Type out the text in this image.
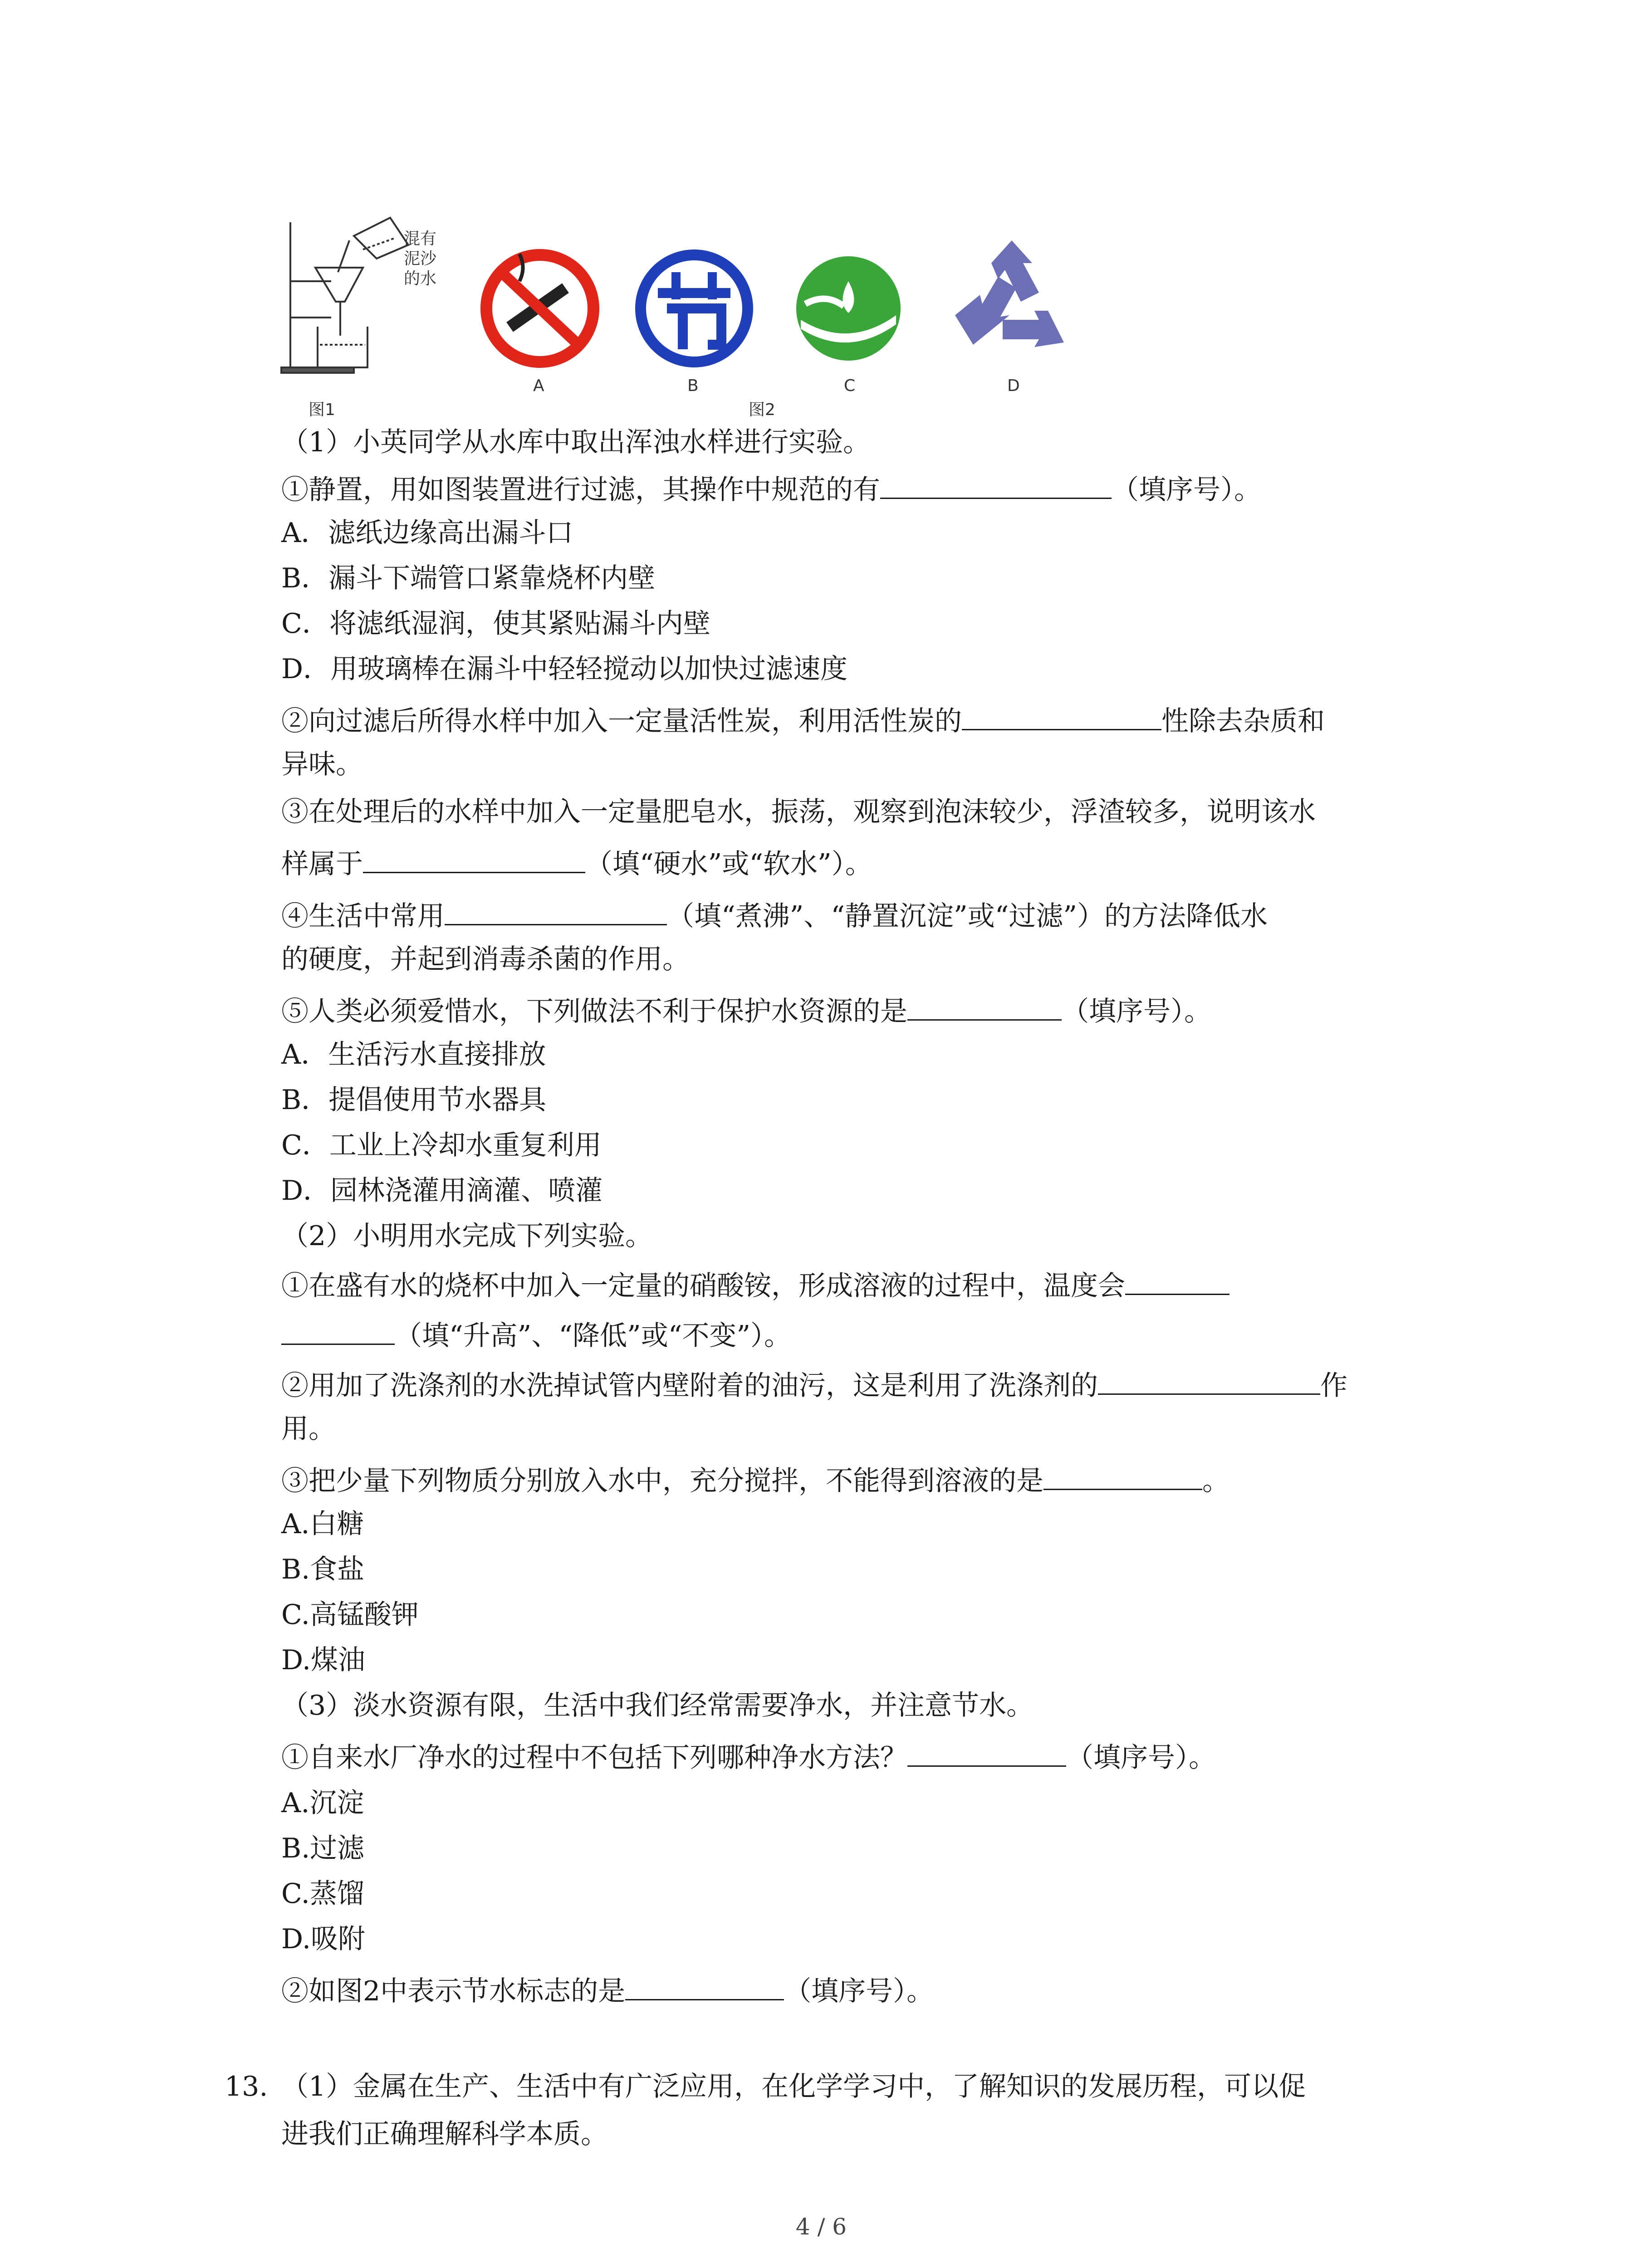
混有
泥沙
的水
图1	图2
A	B	C	D
（1）小英同学从水库中取出浑浊水样进行实验。
①静置，用如图装置进行过滤，其操作中规范的有	（填序号）。
A．滤纸边缘高出漏斗口
B．漏斗下端管口紧靠烧杯内壁
C．将滤纸湿润，使其紧贴漏斗内壁
D．用玻璃棒在漏斗中轻轻搅动以加快过滤速度
②向过滤后所得水样中加入一定量活性炭，利用活性炭的	性除去杂质和
异味。
③在处理后的水样中加入一定量肥皂水，振荡，观察到泡沫较少，浮渣较多，说明该水
样属于	（填“硬水”或“软水”）。
④生活中常用	（填“煮沸”、“静置沉淀”或“过滤”）的方法降低水
的硬度，并起到消毒杀菌的作用。
⑤人类必须爱惜水，下列做法不利于保护水资源的是	（填序号）。
A．生活污水直接排放
B．提倡使用节水器具
C．工业上冷却水重复利用
D．园林浇灌用滴灌、喷灌
（2）小明用水完成下列实验。
①在盛有水的烧杯中加入一定量的硝酸铵，形成溶液的过程中，温度会
（填“升高”、“降低”或“不变”）。
②用加了洗涤剂的水洗掉试管内壁附着的油污，这是利用了洗涤剂的	作
用。
③把少量下列物质分别放入水中，充分搅拌，不能得到溶液的是	。
A.白糖
B.食盐
C.高锰酸钾
D.煤油
（3）淡水资源有限，生活中我们经常需要净水，并注意节水。
①自来水厂净水的过程中不包括下列哪种净水方法？	（填序号）。
A.沉淀
B.过滤
C.蒸馏
D.吸附
②如图2中表示节水标志的是	（填序号）。
13. （1）金属在生产、生活中有广泛应用，在化学学习中，了解知识的发展历程，可以促
进我们正确理解科学本质。
4 / 6
